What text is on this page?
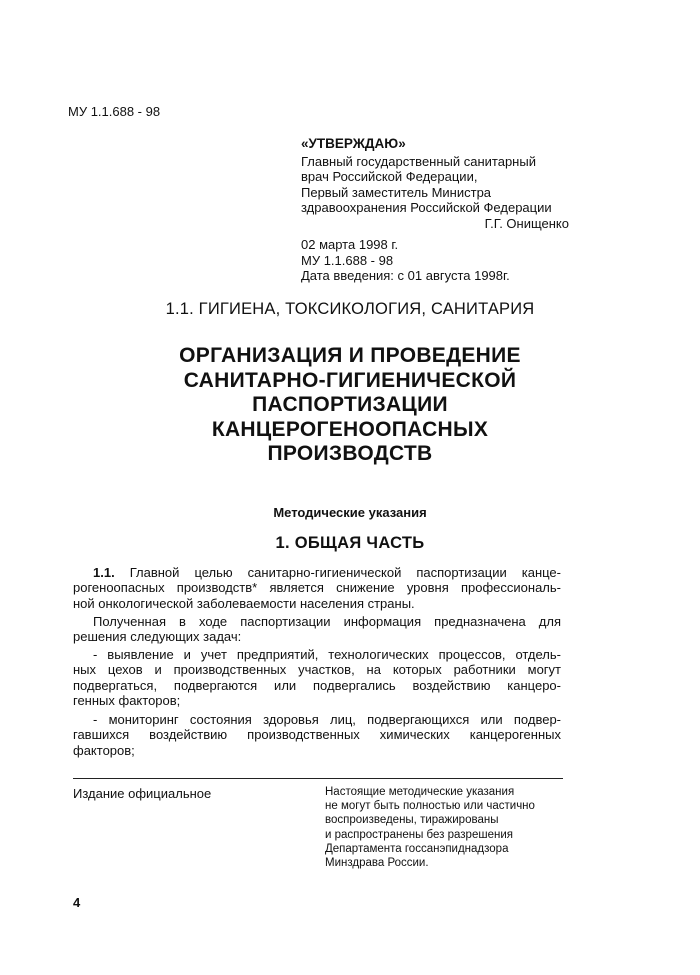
МУ 1.1.688 - 98
«УТВЕРЖДАЮ»
Главный государственный санитарный
врач Российской Федерации,
Первый заместитель Министра
здравоохранения Российской Федерации
Г.Г. Онищенко
02 марта 1998 г.
МУ 1.1.688 - 98
Дата введения: с 01 августа 1998г.
1.1. ГИГИЕНА, ТОКСИКОЛОГИЯ, САНИТАРИЯ
ОРГАНИЗАЦИЯ И ПРОВЕДЕНИЕ
САНИТАРНО-ГИГИЕНИЧЕСКОЙ
ПАСПОРТИЗАЦИИ
КАНЦЕРОГЕНООПАСНЫХ
ПРОИЗВОДСТВ
Методические указания
1. ОБЩАЯ ЧАСТЬ
1.1. Главной целью санитарно-гигиенической паспортизации канце-
рогеноопасных производств* является снижение уровня профессиональ-
ной онкологической заболеваемости населения страны.
Полученная в ходе паспортизации информация предназначена для
решения следующих задач:
- выявление и учет предприятий, технологических процессов, отдель-
ных цехов и производственных участков, на которых работники могут
подвергаться, подвергаются или подвергались воздействию канцеро-
генных факторов;
- мониторинг состояния здоровья лиц, подвергающихся или подвер-
гавшихся воздействию производственных химических канцерогенных
факторов;
Издание официальное	Настоящие методические указания
не могут быть полностью или частично
воспроизведены, тиражированы
и распространены без разрешения
Департамента госсанэпиднадзора
Минздрава России.
4
